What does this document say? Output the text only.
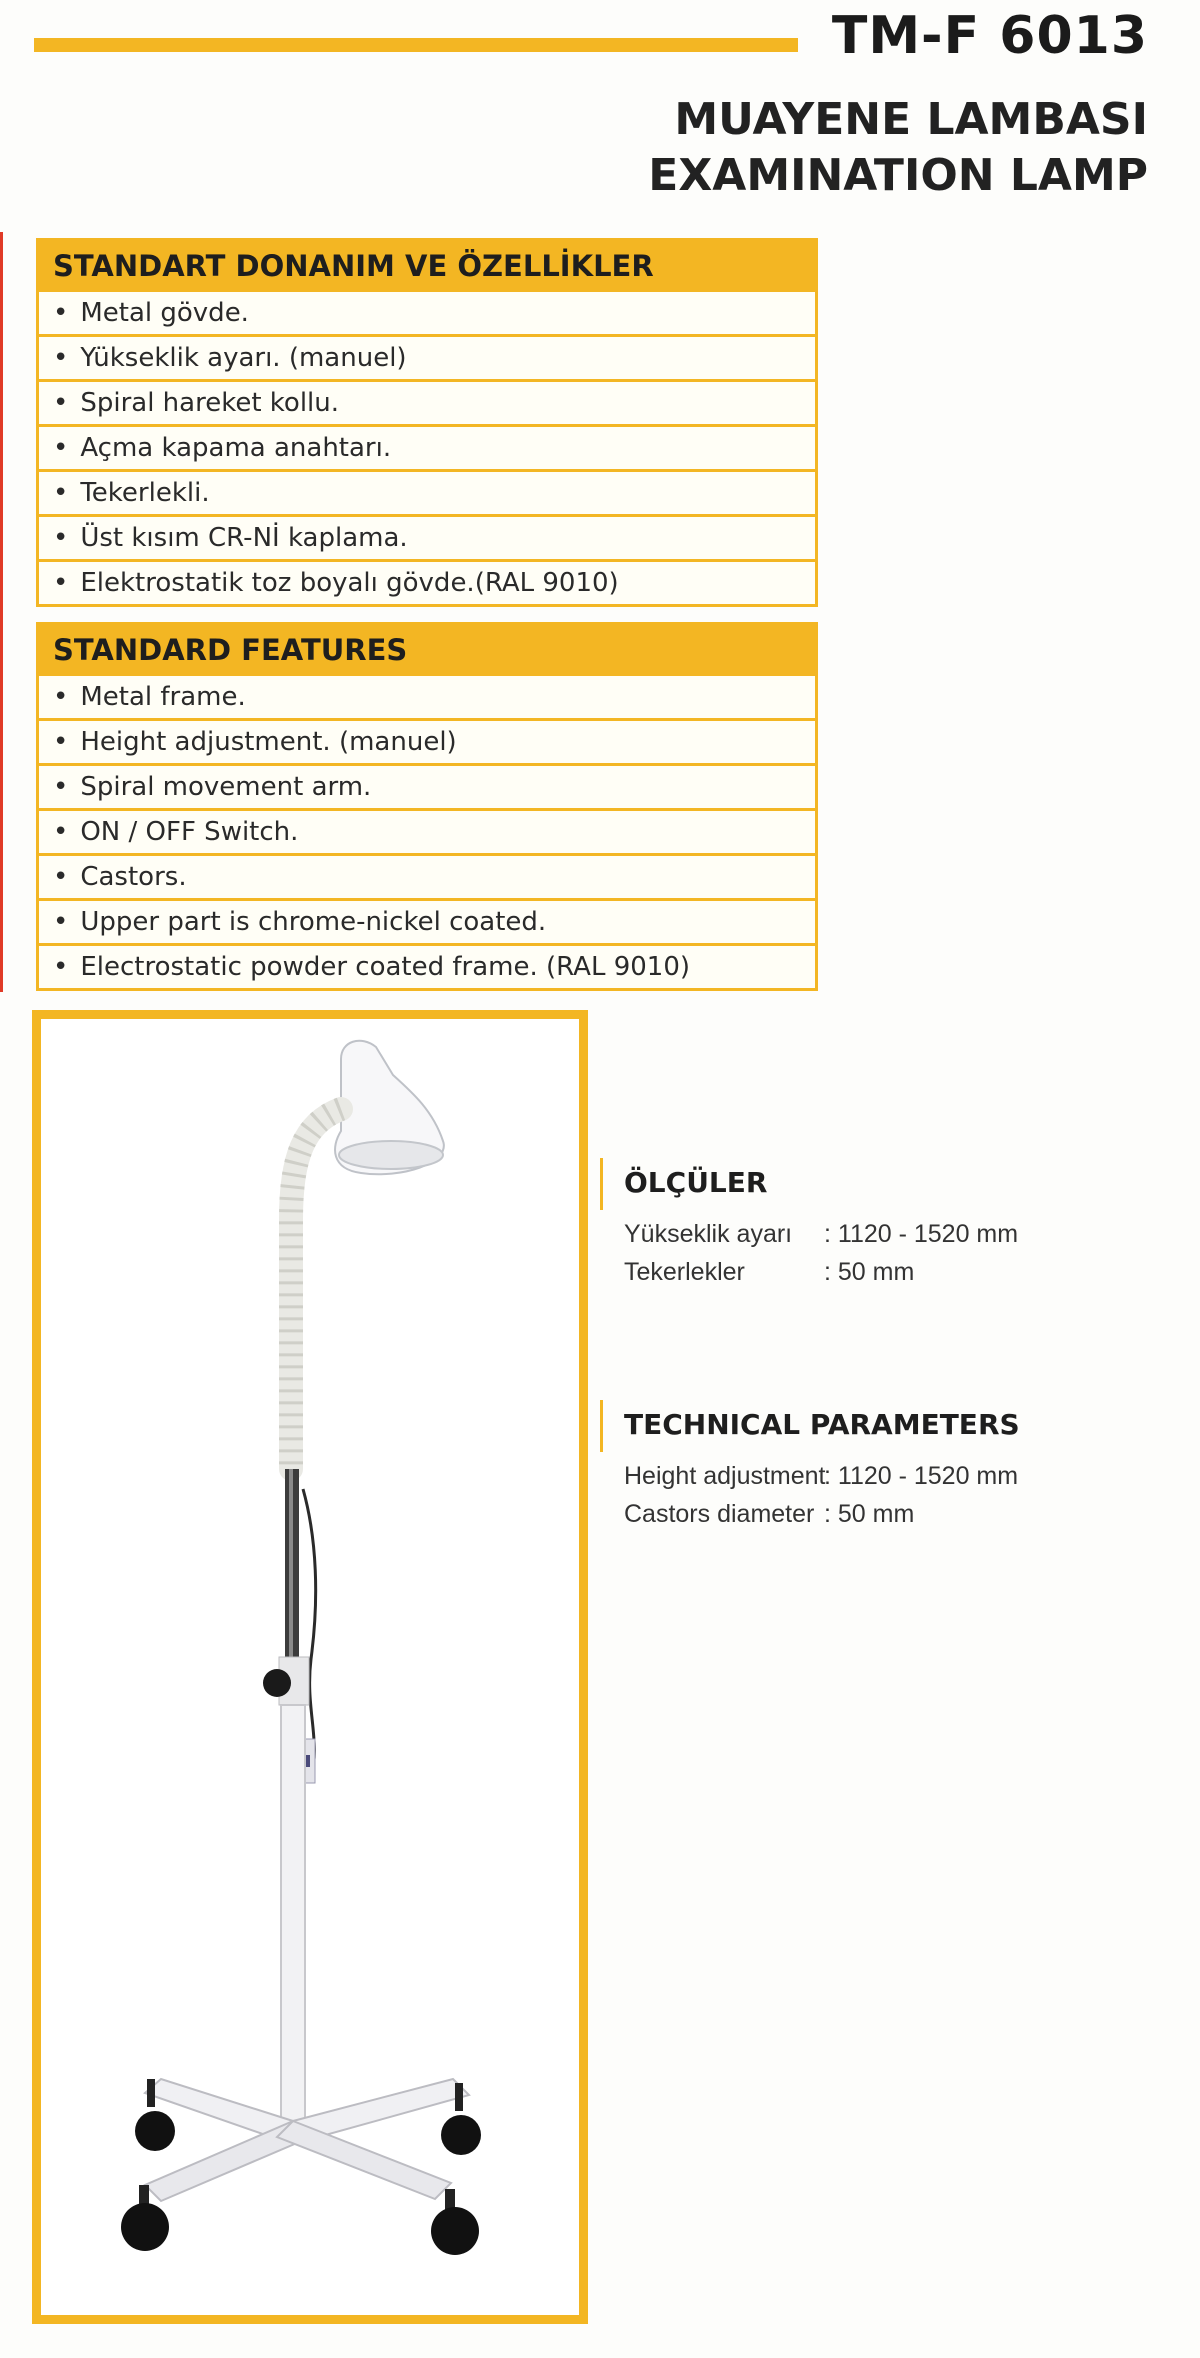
TM-F 6013
MUAYENE LAMBASI
EXAMINATION LAMP
STANDART DONANIM VE ÖZELLİKLER
• Metal gövde.
• Yükseklik ayarı. (manuel)
• Spiral hareket kollu.
• Açma kapama anahtarı.
• Tekerlekli.
• Üst kısım CR-Nİ kaplama.
• Elektrostatik toz boyalı gövde.(RAL 9010)
STANDARD FEATURES
• Metal frame.
• Height adjustment. (manuel)
• Spiral movement arm.
• ON / OFF Switch.
• Castors.
• Upper part is chrome-nickel coated.
• Electrostatic powder coated frame. (RAL 9010)
ÖLÇÜLER
Yükseklik ayarı : 1120 - 1520 mm
Tekerlekler	: 50 mm
TECHNICAL PARAMETERS
Height adjustment: 1120 - 1520 mm
Castors diameter : 50 mm
